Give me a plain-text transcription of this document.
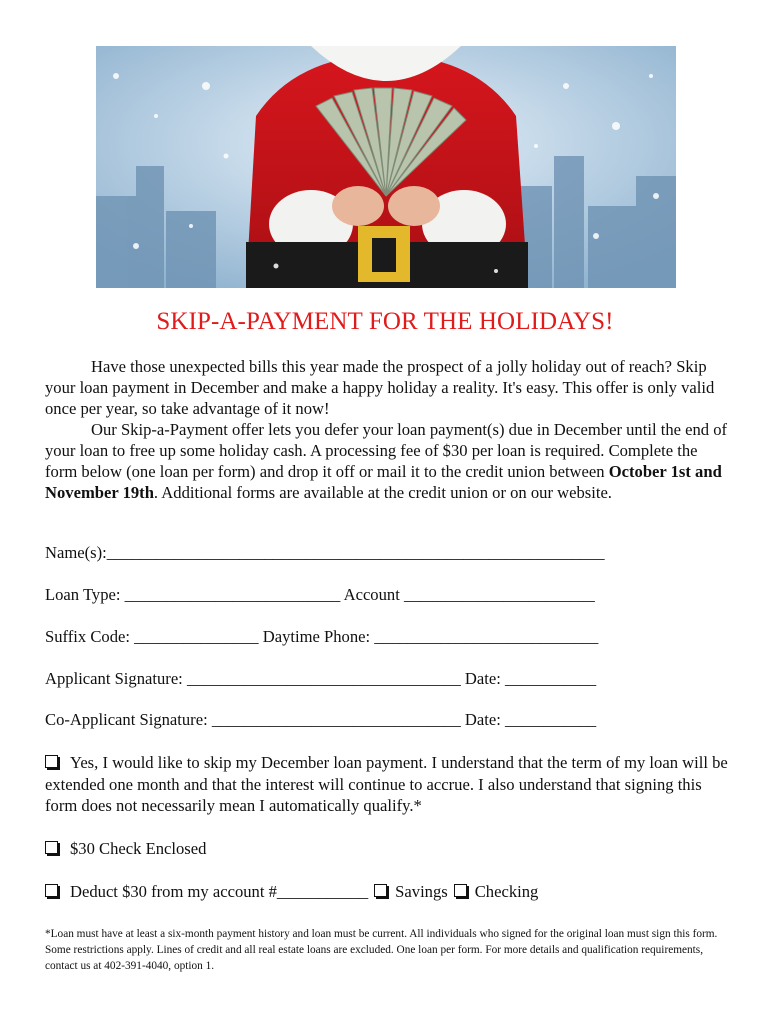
SKIP-A-PAYMENT FOR THE HOLIDAYS!

Have those unexpected bills this year made the prospect of a jolly holiday out of reach? Skip your loan payment in December and make a happy holiday a reality. It's easy. This offer is only valid once per year, so take advantage of it now!

Our Skip-a-Payment offer lets you defer your loan payment(s) due in December until the end of your loan to free up some holiday cash. A processing fee of $30 per loan is required. Complete the form below (one loan per form) and drop it off or mail it to the credit union between October 1st and November 19th. Additional forms are available at the credit union or on our website.

Name(s):____________________________________________________________
Loan Type: __________________________ Account _______________________
Suffix Code: _______________ Daytime Phone: ___________________________
Applicant Signature: _________________________________ Date: ___________
Co-Applicant Signature: ______________________________ Date: ___________

Yes, I would like to skip my December loan payment. I understand that the term of my loan will be extended one month and that the interest will continue to accrue. I also understand that signing this form does not necessarily mean I automatically qualify.*

$30 Check Enclosed
Deduct $30 from my account #___________ Savings Checking

*Loan must have at least a six-month payment history and loan must be current. All individuals who signed for the original loan must sign this form. Some restrictions apply. Lines of credit and all real estate loans are excluded. One loan per form. For more details and qualification requirements, contact us at 402-391-4040, option 1.
